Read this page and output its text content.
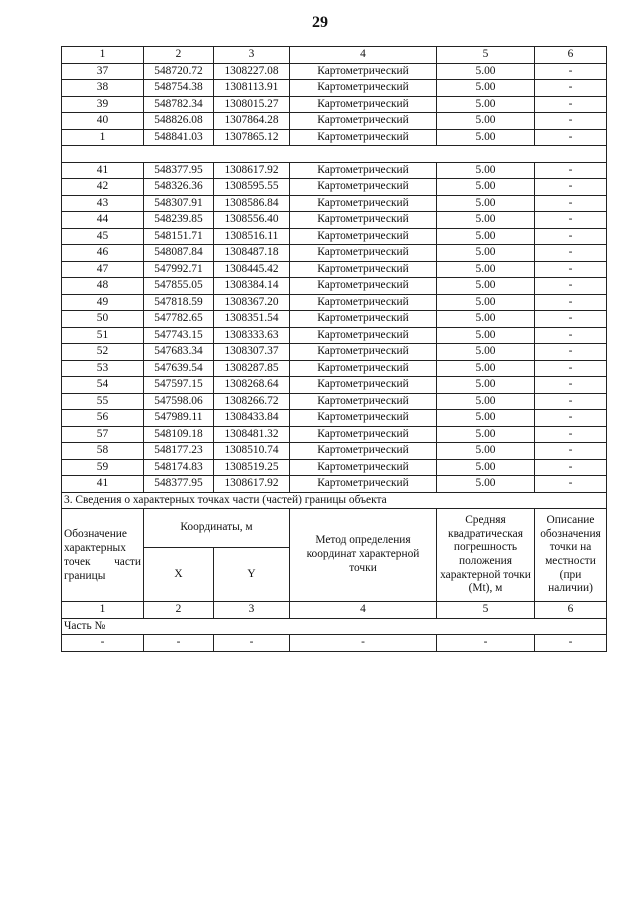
29
1	2	3	4	5	6
37	548720.72	1308227.08	Картометрический	5.00	-
38	548754.38	1308113.91	Картометрический	5.00	-
39	548782.34	1308015.27	Картометрический	5.00	-
40	548826.08	1307864.28	Картометрический	5.00	-
1	548841.03	1307865.12	Картометрический	5.00	-

41	548377.95	1308617.92	Картометрический	5.00	-
42	548326.36	1308595.55	Картометрический	5.00	-
43	548307.91	1308586.84	Картометрический	5.00	-
44	548239.85	1308556.40	Картометрический	5.00	-
45	548151.71	1308516.11	Картометрический	5.00	-
46	548087.84	1308487.18	Картометрический	5.00	-
47	547992.71	1308445.42	Картометрический	5.00	-
48	547855.05	1308384.14	Картометрический	5.00	-
49	547818.59	1308367.20	Картометрический	5.00	-
50	547782.65	1308351.54	Картометрический	5.00	-
51	547743.15	1308333.63	Картометрический	5.00	-
52	547683.34	1308307.37	Картометрический	5.00	-
53	547639.54	1308287.85	Картометрический	5.00	-
54	547597.15	1308268.64	Картометрический	5.00	-
55	547598.06	1308266.72	Картометрический	5.00	-
56	547989.11	1308433.84	Картометрический	5.00	-
57	548109.18	1308481.32	Картометрический	5.00	-
58	548177.23	1308510.74	Картометрический	5.00	-
59	548174.83	1308519.25	Картометрический	5.00	-
41	548377.95	1308617.92	Картометрический	5.00	-
3. Сведения о характерных точках части (частей) границы объекта					

Обозначение характерных точек части границы	Координаты, м		Метод определения координат характерной точки	Средняя квадратическая погрешность положения характерной точки (Mt), м	Описание обозначения точки на местности (при наличии)
	X	Y			
1	2	3	4	5	6
Часть №					
-	-	-	-	-	-
